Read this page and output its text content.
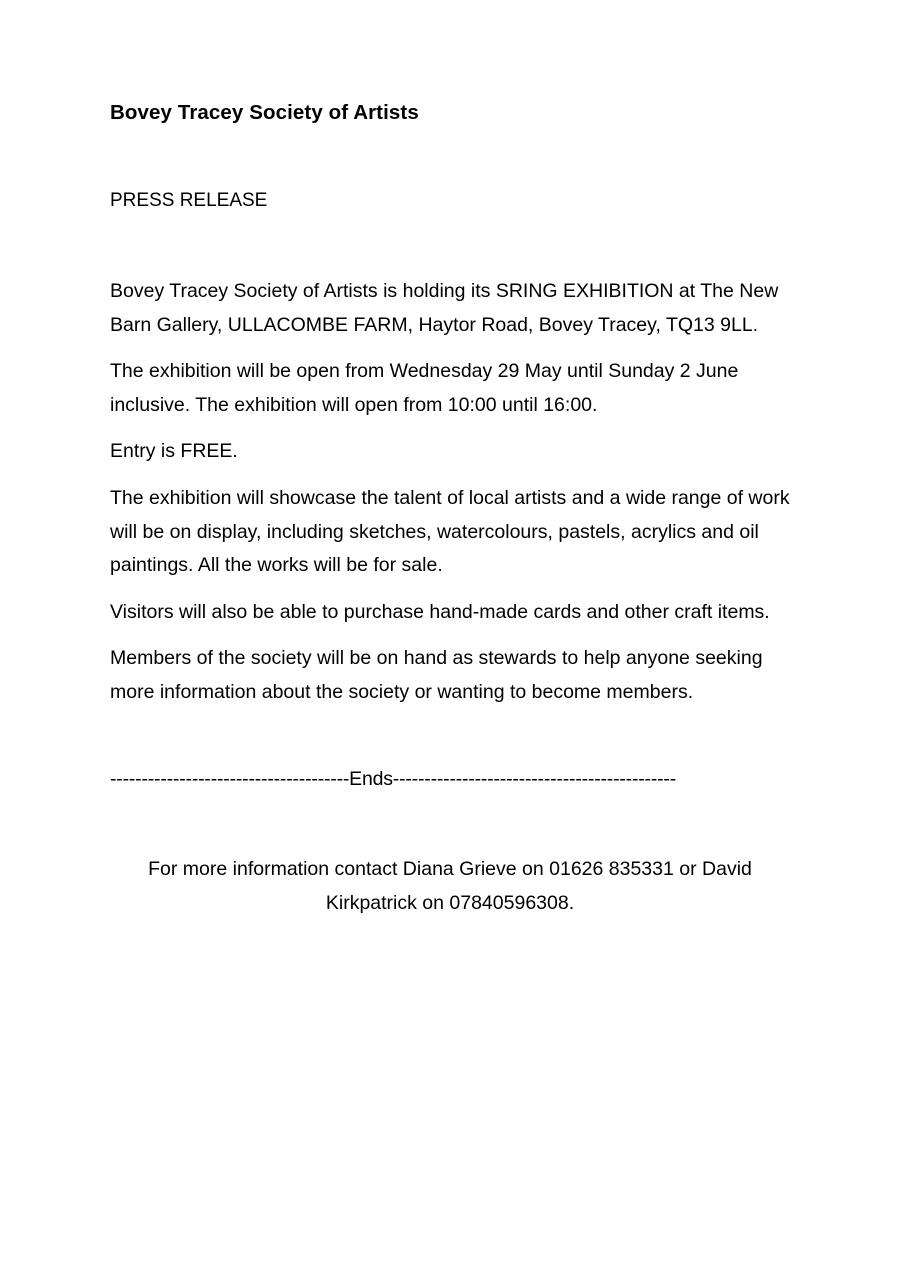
Bovey Tracey Society of Artists

PRESS RELEASE

Bovey Tracey Society of Artists is holding its SRING EXHIBITION at The New Barn Gallery, ULLACOMBE FARM, Haytor Road, Bovey Tracey, TQ13 9LL.

The exhibition will be open from Wednesday 29 May until Sunday 2 June inclusive. The exhibition will open from 10:00 until 16:00.

Entry is FREE.

The exhibition will showcase the talent of local artists and a wide range of work will be on display, including sketches, watercolours, pastels, acrylics and oil paintings. All the works will be for sale.

Visitors will also be able to purchase hand-made cards and other craft items.

Members of the society will be on hand as stewards to help anyone seeking more information about the society or wanting to become members.

--------------------------------------Ends---------------------------------------------

For more information contact Diana Grieve on 01626 835331 or David Kirkpatrick on 07840596308.
